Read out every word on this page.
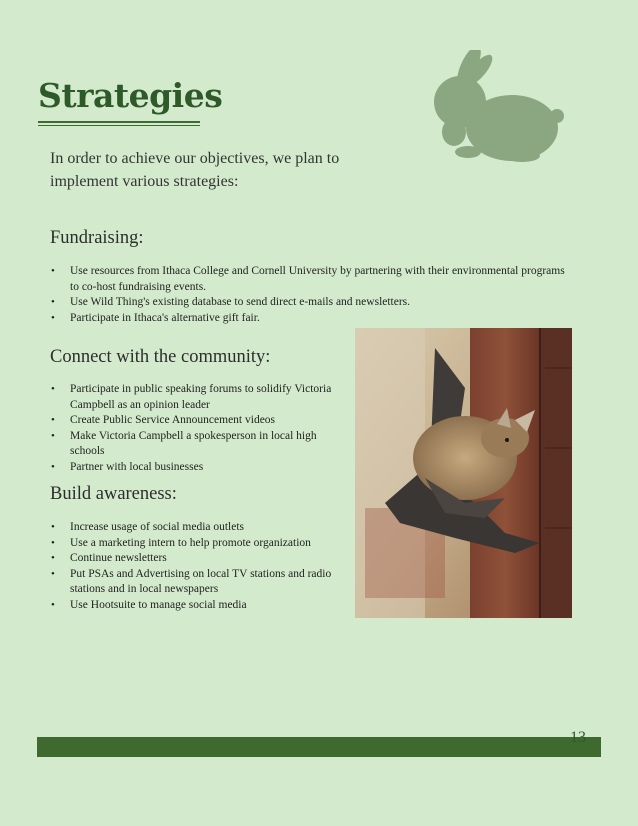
Strategies

In order to achieve our objectives, we plan to implement various strategies:

Fundraising:
• Use resources from Ithaca College and Cornell University by partnering with their environmental programs to co-host fundraising events.
• Use Wild Thing's existing database to send direct e-mails and newsletters.
• Participate in Ithaca's alternative gift fair.
Connect with the community:
• Participate in public speaking forums to solidify Victoria Campbell as an opinion leader
• Create Public Service Announcement videos
• Make Victoria Campbell a spokesperson in local high schools
• Partner with local businesses
Build awareness:
• Increase usage of social media outlets
• Use a marketing intern to help promote organization
• Continue newsletters
• Put PSAs and Advertising on local TV stations and radio stations and in local newspapers
• Use Hootsuite to manage social media
13
